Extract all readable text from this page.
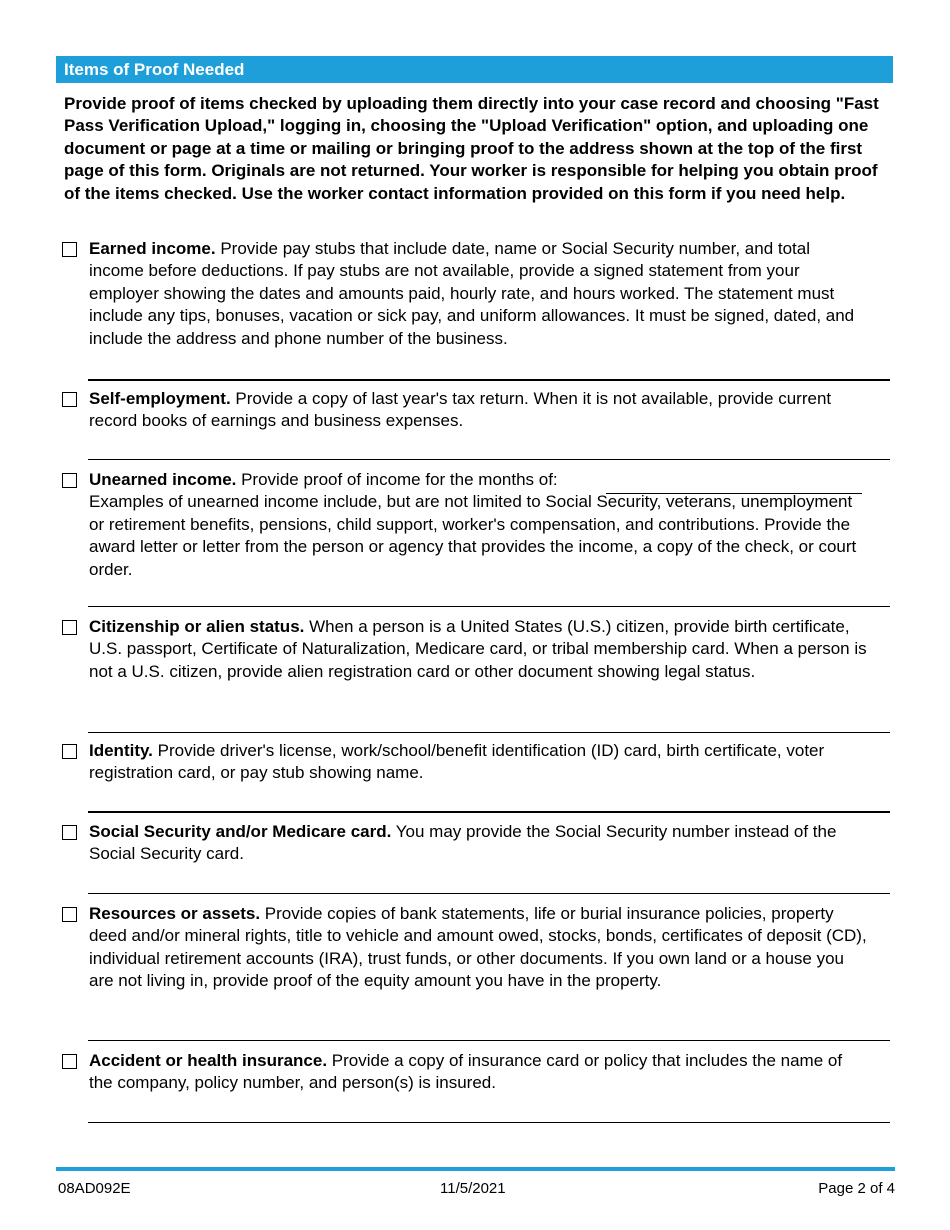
Items of Proof Needed
Provide proof of items checked by uploading them directly into your case record and choosing "Fast Pass Verification Upload," logging in, choosing the "Upload Verification" option, and uploading one document or page at a time or mailing or bringing proof to the address shown at the top of the first page of this form. Originals are not returned. Your worker is responsible for helping you obtain proof of the items checked. Use the worker contact information provided on this form if you need help.
Earned income. Provide pay stubs that include date, name or Social Security number, and total income before deductions. If pay stubs are not available, provide a signed statement from your employer showing the dates and amounts paid, hourly rate, and hours worked. The statement must include any tips, bonuses, vacation or sick pay, and uniform allowances. It must be signed, dated, and include the address and phone number of the business.
Self-employment. Provide a copy of last year's tax return. When it is not available, provide current record books of earnings and business expenses.
Unearned income. Provide proof of income for the months of:
Examples of unearned income include, but are not limited to Social Security, veterans, unemployment or retirement benefits, pensions, child support, worker's compensation, and contributions. Provide the award letter or letter from the person or agency that provides the income, a copy of the check, or court order.
Citizenship or alien status. When a person is a United States (U.S.) citizen, provide birth certificate, U.S. passport, Certificate of Naturalization, Medicare card, or tribal membership card. When a person is not a U.S. citizen, provide alien registration card or other document showing legal status.
Identity. Provide driver's license, work/school/benefit identification (ID) card, birth certificate, voter registration card, or pay stub showing name.
Social Security and/or Medicare card. You may provide the Social Security number instead of the Social Security card.
Resources or assets. Provide copies of bank statements, life or burial insurance policies, property deed and/or mineral rights, title to vehicle and amount owed, stocks, bonds, certificates of deposit (CD), individual retirement accounts (IRA), trust funds, or other documents. If you own land or a house you are not living in, provide proof of the equity amount you have in the property.
Accident or health insurance. Provide a copy of insurance card or policy that includes the name of the company, policy number, and person(s) is insured.
08AD092E	11/5/2021	Page 2 of 4
